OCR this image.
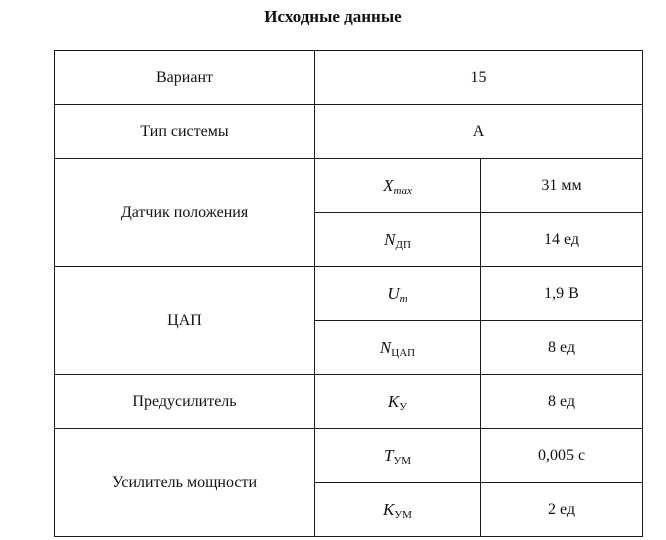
Исходные данные
Вариант	15	
Тип системы	А	
Датчик положения	$X_{max}$	31 мм
	$N_{ДП}$	14 ед
ЦАП	$U_m$	1,9 В
	$N_{ЦАП}$	8 ед
Предусилитель	$K_У$	8 ед
Усилитель мощности	$T_{УМ}$	0,005 с
	$K_{УМ}$	2 ед
